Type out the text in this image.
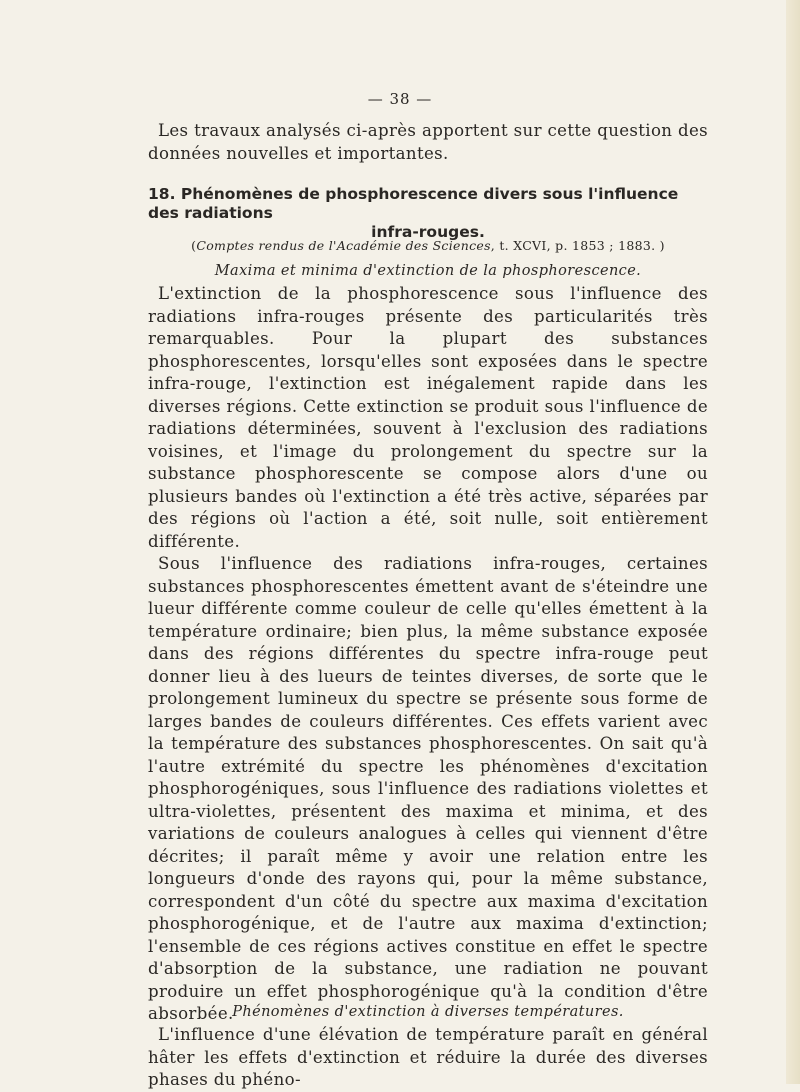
— 38 —

Les travaux analysés ci-après apportent sur cette question des données nouvelles et importantes.

18. Phénomènes de phosphorescence divers sous l'influence des radiations
infra-rouges.
(Comptes rendus de l'Académie des Sciences, t. XCVI, p. 1853 ; 1883. )
Maxima et minima d'extinction de la phosphorescence.

L'extinction de la phosphorescence sous l'influence des radiations infra-rouges présente des particularités très remarquables. Pour la plupart des substances phosphorescentes, lorsqu'elles sont exposées dans le spectre infra-rouge, l'extinction est inégalement rapide dans les diverses régions. Cette extinction se produit sous l'influence de radiations déterminées, souvent à l'exclusion des radiations voisines, et l'image du prolongement du spectre sur la substance phosphorescente se compose alors d'une ou plusieurs bandes où l'extinction a été très active, séparées par des régions où l'action a été, soit nulle, soit entièrement différente.

Sous l'influence des radiations infra-rouges, certaines substances phosphorescentes émettent avant de s'éteindre une lueur différente comme couleur de celle qu'elles émettent à la température ordinaire; bien plus, la même substance exposée dans des régions différentes du spectre infra-rouge peut donner lieu à des lueurs de teintes diverses, de sorte que le prolongement lumineux du spectre se présente sous forme de larges bandes de couleurs différentes. Ces effets varient avec la température des substances phosphorescentes. On sait qu'à l'autre extrémité du spectre les phénomènes d'excitation phosphorogéniques, sous l'influence des radiations violettes et ultra-violettes, présentent des maxima et minima, et des variations de couleurs analogues à celles qui viennent d'être décrites; il paraît même y avoir une relation entre les longueurs d'onde des rayons qui, pour la même substance, correspondent d'un côté du spectre aux maxima d'excitation phosphorogénique, et de l'autre aux maxima d'extinction; l'ensemble de ces régions actives constitue en effet le spectre d'absorption de la substance, une radiation ne pouvant produire un effet phosphorogénique qu'à la condition d'être absorbée.

Phénomènes d'extinction à diverses températures.

L'influence d'une élévation de température paraît en général hâter les effets d'extinction et réduire la durée des diverses phases du phéno-
